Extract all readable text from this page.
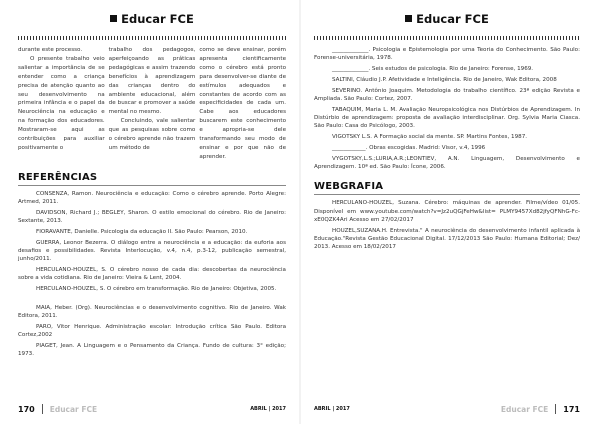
Educar FCE

durante este processo.

O presente trabalho veio salientar a importância de se entender como a criança precisa de atenção quanto ao seu desenvolvimento na primeira infância e o papel da Neurociência na educação e na formação dos educadores. Mostraram-se aqui as contribuições para auxiliar positivamente o

trabalho dos pedagogos, aperfeiçoando as práticas pedagógicas e assim trazendo benefícios à aprendizagem das crianças dentro do ambiente educacional, além de buscar e promover a saúde mental no mesmo.

Concluindo, vale salientar que as pesquisas sobre como o cérebro aprende não trazem um método de

como se deve ensinar, porém apresenta cientificamente como o cérebro está pronto para desenvolver-se diante de estímulos adequados e constantes de acordo com as especificidades de cada um. Cabe aos educadores buscarem este conhecimento e apropria-se dele transformando seu modo de ensinar e por que não de aprender.

REFERÊNCIAS

CONSENZA, Ramon. Neurociência e educação: Como o cérebro aprende. Porto Alegre: Artmed, 2011.

DAVIDSON, Richard J.; BEGLEY, Sharon. O estilo emocional do cérebro. Rio de Janeiro: Sextante, 2013.

FIORAVANTE, Danielle. Psicologia da educação II. São Paulo: Pearson, 2010.

GUERRA, Leonor Bezerra. O diálogo entre a neurociência e a educação: da euforia aos desafios e possibilidades. Revista Interlocução, v.4, n.4, p.3-12, publicação semestral, junho/2011.

HERCULANO-HOUZEL, S. O cérebro nosso de cada dia: descobertas da neurociência sobre a vida cotidiana. Rio de Janeiro: Vieira & Lent, 2004.

HERCULANO-HOUZEL, S. O cérebro em transformação. Rio de Janeiro: Objetiva, 2005.

MAIA, Heber. (Org). Neurociências e o desenvolvimento cognitivo. Rio de Janeiro. Wak Editora, 2011.

PARO, Vitor Henrique. Administração escolar: Introdução crítica São Paulo. Editora Cortez,2002

PIAGET, Jean. A Linguagem e o Pensamento da Criança. Fundo de cultura: 3° edição; 1973.

170 Educar FCE	ABRIL | 2017
Educar FCE

_____________. Psicologia e Epistemologia por uma Teoria do Conhecimento. São Paulo: Forense-universitária, 1978.

_____________. Seis estudos de psicologia. Rio de Janeiro: Forense, 1969.

SALTINI, Cláudio J.P. Afetividade e Inteligência. Rio de Janeiro, Wak Editora, 2008

SEVERINO. Antônio Joaquim. Metodologia do trabalho científico. 23ª edição Revista e Ampliada. São Paulo: Cortez, 2007.

TABAQUIM, Maria L. M. Avaliação Neuropsicológica nos Distúrbios de Aprendizagem. In Distúrbio de aprendizagem: proposta de avaliação interdisciplinar. Org. Sylvia Maria Ciasca. São Paulo: Casa do Psicólogo, 2003.

VIGOTSKY L.S. A Formação social da mente. SP. Martins Fontes, 1987.

____________. Obras escogidas. Madrid: Visor, v.4, 1996

VYGOTSKY,L.S.;LURIA,A.R.;LEONTIEV, A.N. Linguagem, Desenvolvimento e Aprendizagem. 10ª ed. São Paulo: Ícone, 2006.

WEBGRAFIA

HERCULANO-HOUZEL, Suzana. Cérebro: máquinas de aprender. Filme/vídeo 01/05. Disponível em www.youtube.com/watch?v=Jz2uQGjFeHw&list= PLMY9457Xd82jfyQFNhG-Fc-xE0QZK4Ari Acesso em 27/02/2017

HOUZEL,SUZANA.H. Entrevista." A neurociência do desenvolvimento infantil aplicada à Educação."Revista Gestão Educacional Digital. 17/12/2013 São Paulo: Humana Editorial; Dez/ 2013. Acesso em 18/02/2017

ABRIL | 2017	Educar FCE 171
